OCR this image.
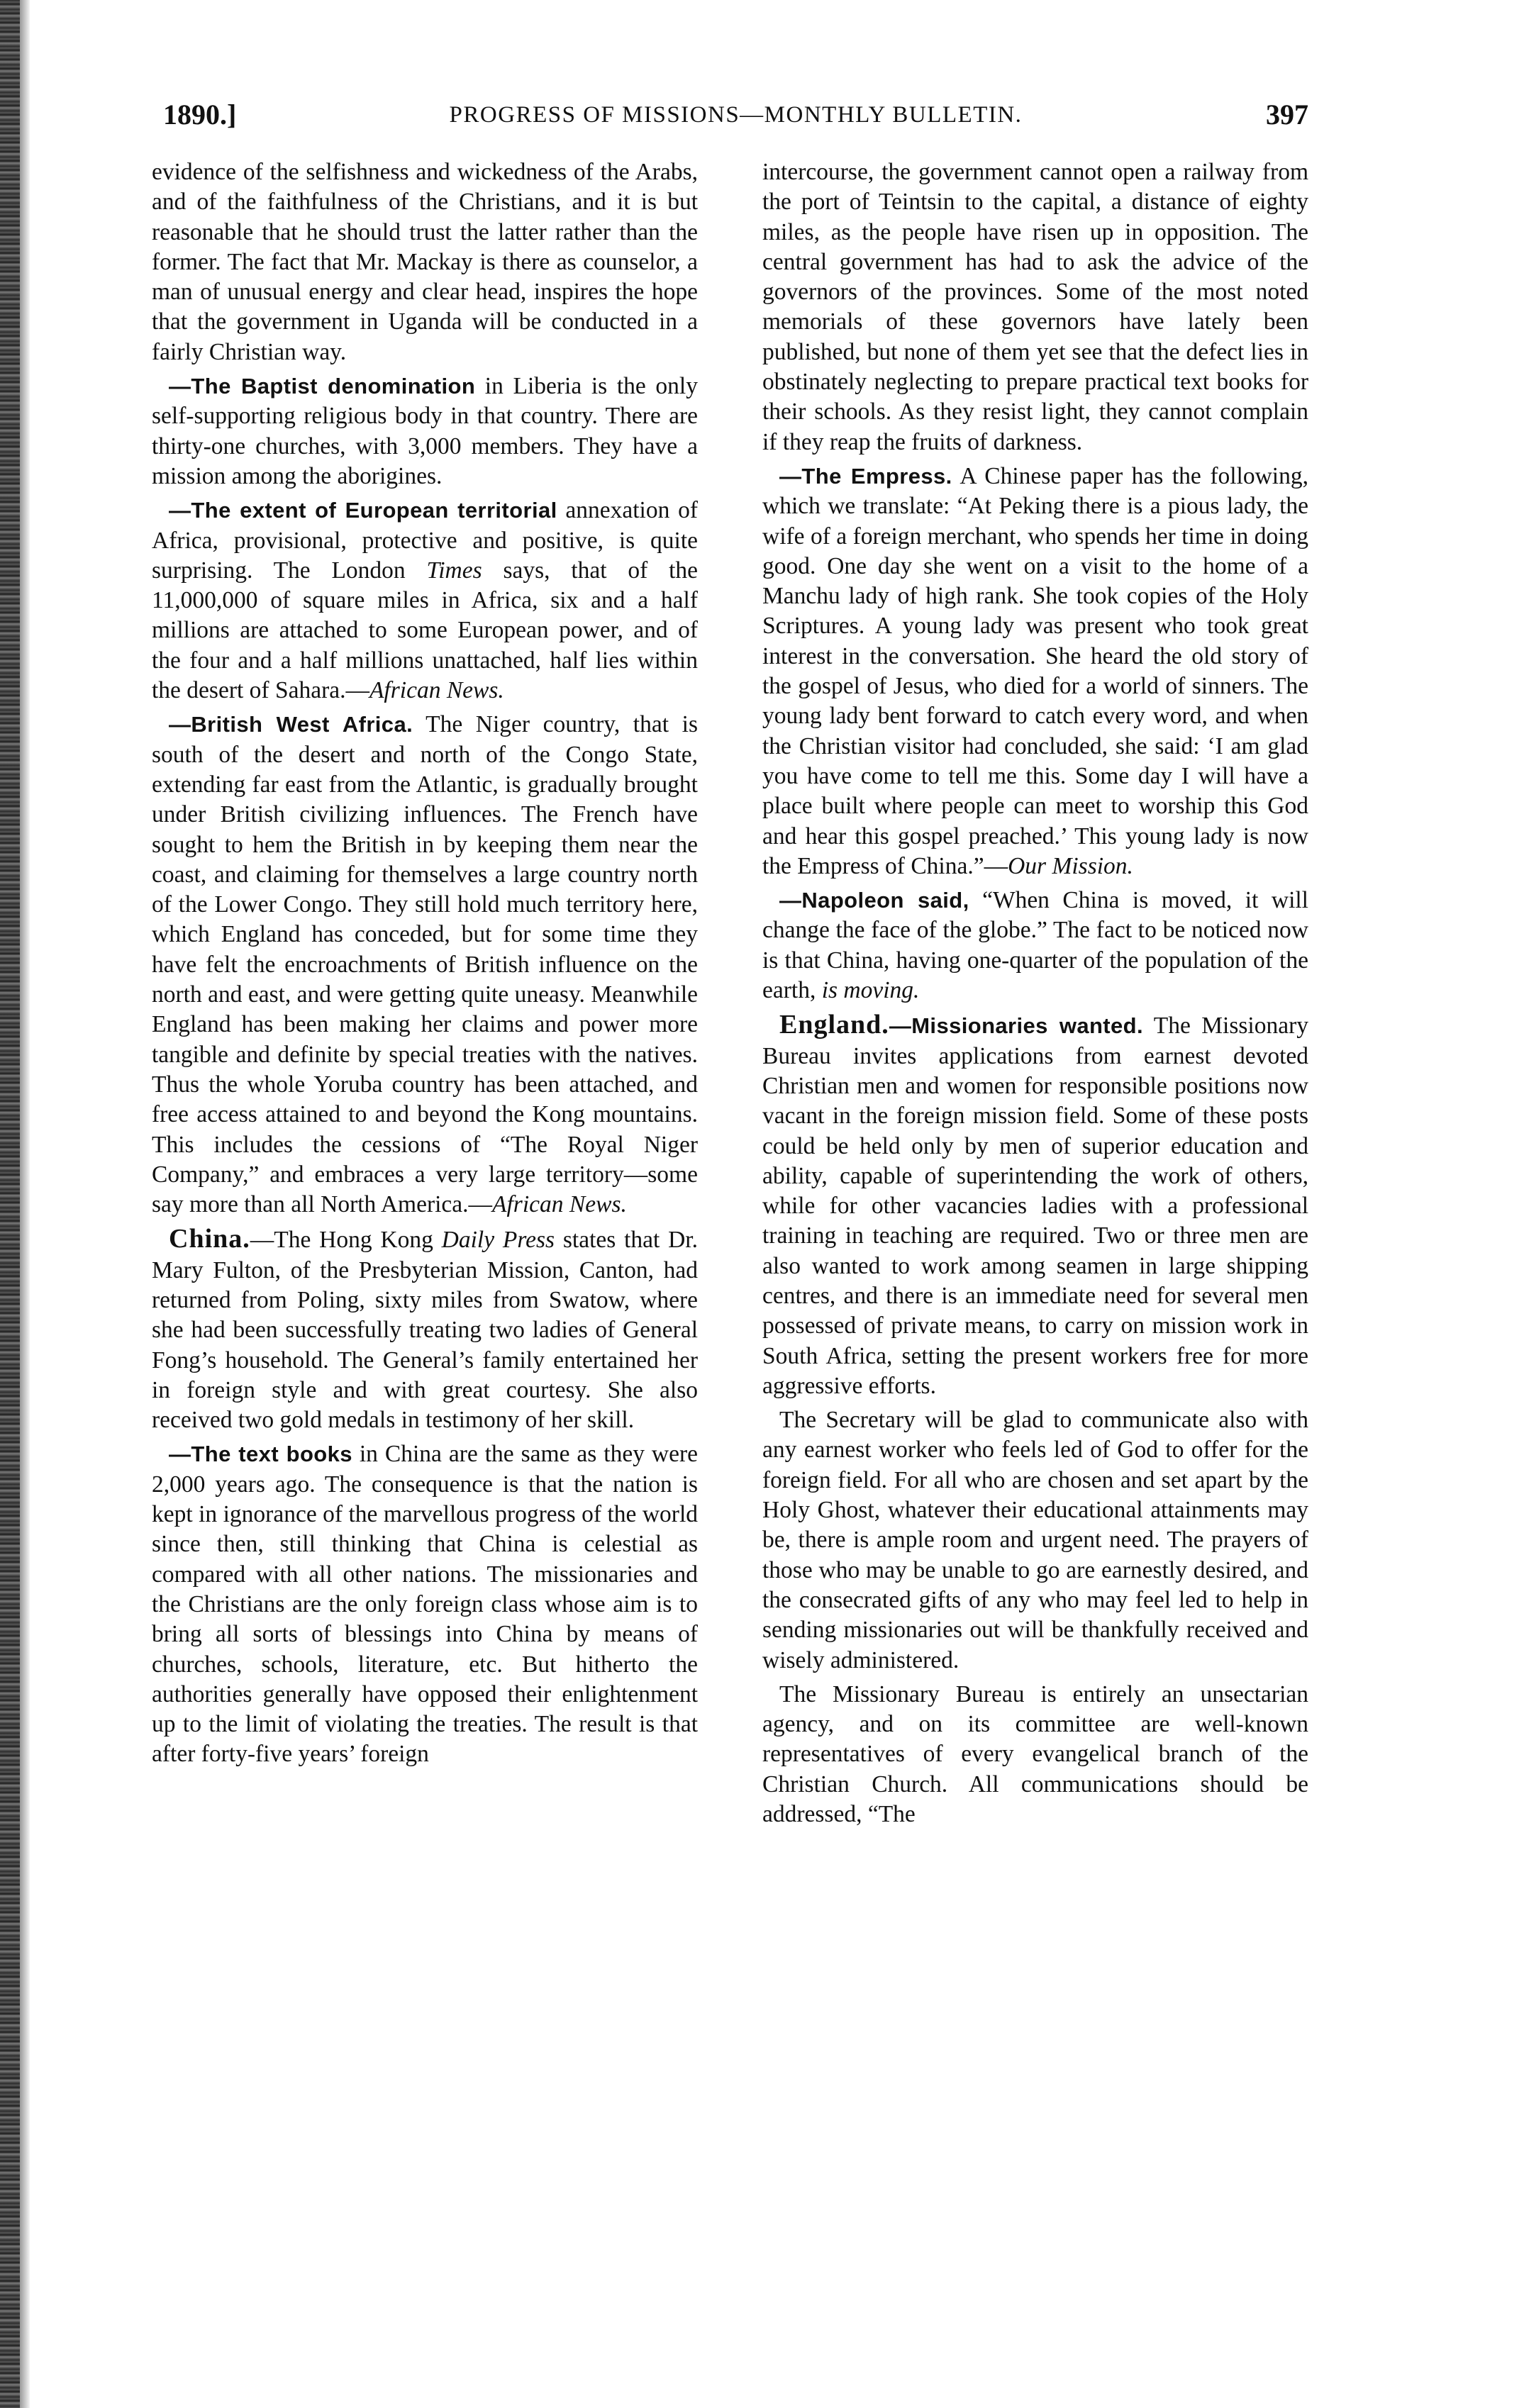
1890.]	PROGRESS OF MISSIONS—MONTHLY BULLETIN.	397

evidence of the selfishness and wickedness of the Arabs, and of the faithfulness of the Christians, and it is but reasonable that he should trust the latter rather than the former. The fact that Mr. Mackay is there as counselor, a man of unusual energy and clear head, inspires the hope that the government in Uganda will be conducted in a fairly Christian way.

—The Baptist denomination in Liberia is the only self-supporting religious body in that country. There are thirty-one churches, with 3,000 members. They have a mission among the aborigines.

—The extent of European territorial annexation of Africa, provisional, protective and positive, is quite surprising. The London Times says, that of the 11,000,000 of square miles in Africa, six and a half millions are attached to some European power, and of the four and a half millions unattached, half lies within the desert of Sahara.—African News.

—British West Africa. The Niger country, that is south of the desert and north of the Congo State, extending far east from the Atlantic, is gradually brought under British civilizing influences. The French have sought to hem the British in by keeping them near the coast, and claiming for themselves a large country north of the Lower Congo. They still hold much territory here, which England has conceded, but for some time they have felt the encroachments of British influence on the north and east, and were getting quite uneasy. Meanwhile England has been making her claims and power more tangible and definite by special treaties with the natives. Thus the whole Yoruba country has been attached, and free access attained to and beyond the Kong mountains. This includes the cessions of “The Royal Niger Company,” and embraces a very large territory—some say more than all North America.—African News.

China.—The Hong Kong Daily Press states that Dr. Mary Fulton, of the Presbyterian Mission, Canton, had returned from Poling, sixty miles from Swatow, where she had been successfully treating two ladies of General Fong’s household. The General’s family entertained her in foreign style and with great courtesy. She also received two gold medals in testimony of her skill.

—The text books in China are the same as they were 2,000 years ago. The consequence is that the nation is kept in ignorance of the marvellous progress of the world since then, still thinking that China is celestial as compared with all other nations. The missionaries and the Christians are the only foreign class whose aim is to bring all sorts of blessings into China by means of churches, schools, literature, etc. But hitherto the authorities generally have opposed their enlightenment up to the limit of violating the treaties. The result is that after forty-five years’ foreign

intercourse, the government cannot open a railway from the port of Teintsin to the capital, a distance of eighty miles, as the people have risen up in opposition. The central government has had to ask the advice of the governors of the provinces. Some of the most noted memorials of these governors have lately been published, but none of them yet see that the defect lies in obstinately neglecting to prepare practical text books for their schools. As they resist light, they cannot complain if they reap the fruits of darkness.

—The Empress. A Chinese paper has the following, which we translate: “At Peking there is a pious lady, the wife of a foreign merchant, who spends her time in doing good. One day she went on a visit to the home of a Manchu lady of high rank. She took copies of the Holy Scriptures. A young lady was present who took great interest in the conversation. She heard the old story of the gospel of Jesus, who died for a world of sinners. The young lady bent forward to catch every word, and when the Christian visitor had concluded, she said: ‘I am glad you have come to tell me this. Some day I will have a place built where people can meet to worship this God and hear this gospel preached.’ This young lady is now the Empress of China.”—Our Mission.

—Napoleon said, “When China is moved, it will change the face of the globe.” The fact to be noticed now is that China, having one-quarter of the population of the earth, is moving.

England.—Missionaries wanted. The Missionary Bureau invites applications from earnest devoted Christian men and women for responsible positions now vacant in the foreign mission field. Some of these posts could be held only by men of superior education and ability, capable of superintending the work of others, while for other vacancies ladies with a professional training in teaching are required. Two or three men are also wanted to work among seamen in large shipping centres, and there is an immediate need for several men possessed of private means, to carry on mission work in South Africa, setting the present workers free for more aggressive efforts.

The Secretary will be glad to communicate also with any earnest worker who feels led of God to offer for the foreign field. For all who are chosen and set apart by the Holy Ghost, whatever their educational attainments may be, there is ample room and urgent need. The prayers of those who may be unable to go are earnestly desired, and the consecrated gifts of any who may feel led to help in sending missionaries out will be thankfully received and wisely administered.

The Missionary Bureau is entirely an unsectarian agency, and on its committee are well-known representatives of every evangelical branch of the Christian Church. All communications should be addressed, “The
